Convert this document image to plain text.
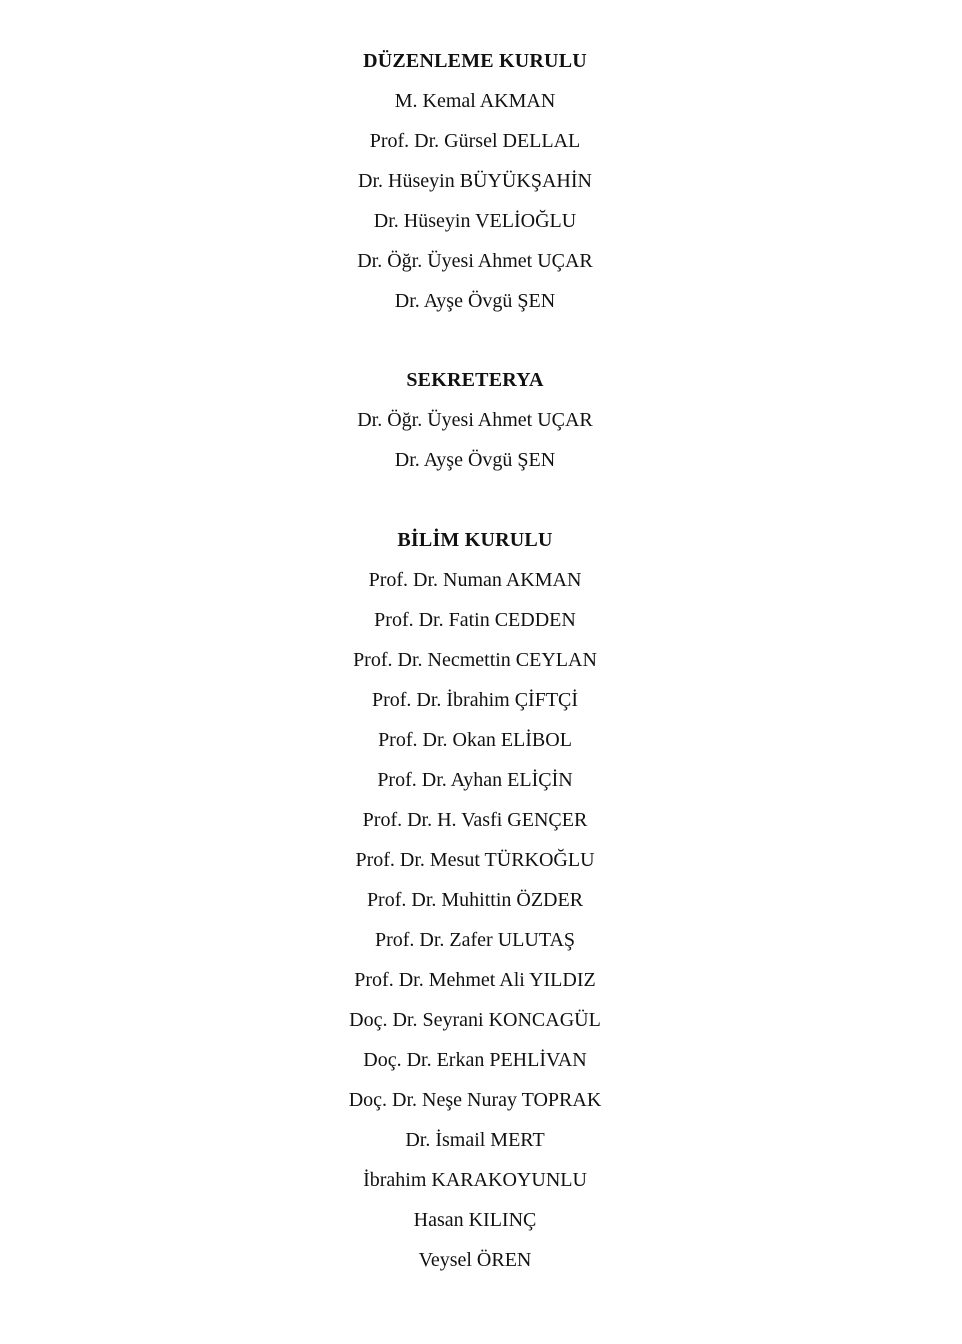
DÜZENLEME KURULU
M. Kemal AKMAN
Prof. Dr. Gürsel DELLAL
Dr. Hüseyin BÜYÜKŞAHİN
Dr. Hüseyin VELİOĞLU
Dr. Öğr. Üyesi Ahmet UÇAR
Dr. Ayşe Övgü ŞEN
SEKRETERYA
Dr. Öğr. Üyesi Ahmet UÇAR
Dr. Ayşe Övgü ŞEN
BİLİM KURULU
Prof. Dr. Numan AKMAN
Prof. Dr. Fatin CEDDEN
Prof. Dr. Necmettin CEYLAN
Prof. Dr. İbrahim ÇİFTÇİ
Prof. Dr. Okan ELİBOL
Prof. Dr. Ayhan ELİÇİN
Prof. Dr. H. Vasfi GENÇER
Prof. Dr. Mesut TÜRKOĞLU
Prof. Dr. Muhittin ÖZDER
Prof. Dr. Zafer ULUTAŞ
Prof. Dr. Mehmet Ali YILDIZ
Doç. Dr. Seyrani KONCAGÜL
Doç. Dr. Erkan PEHLİVAN
Doç. Dr. Neşe Nuray TOPRAK
Dr. İsmail MERT
İbrahim KARAKOYUNLU
Hasan KILINÇ
Veysel ÖREN
